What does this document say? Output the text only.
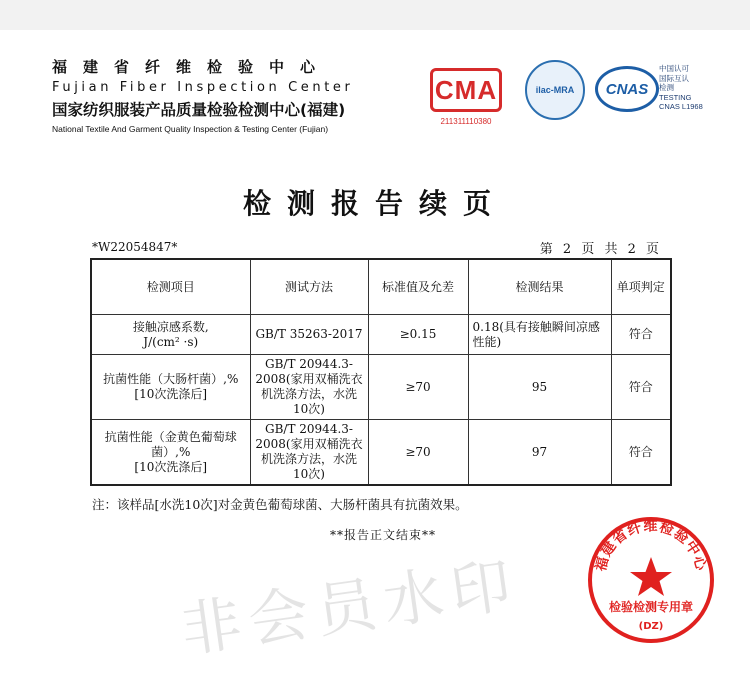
福建省纤维检验中心
Fujian Fiber Inspection Center
国家纺织服装产品质量检验检测中心(福建)
National Textile And Garment Quality Inspection & Testing Center (Fujian)
CMA
211311110380
ilac-MRA	CNAS
中国认可
国际互认
检测
TESTING
CNAS L1968
检测报告续页
*W22054847*	第 2 页 共 2 页
检测项目	测试方法	标准值及允差	检测结果	单项判定
接触凉感系数,
J/(cm² ·s)	GB/T 35263-2017	≥0.15	0.18(具有接触瞬间凉感性能)	符合
抗菌性能（大肠杆菌）,%
[10次洗涤后]	GB/T 20944.3-2008(家用双桶洗衣机洗涤方法，水洗10次)	≥70	95	符合
抗菌性能（金黄色葡萄球菌）,%
[10次洗涤后]	GB/T 20944.3-2008(家用双桶洗衣机洗涤方法，水洗10次)	≥70	97	符合
注：该样品[水洗10次]对金黄色葡萄球菌、大肠杆菌具有抗菌效果。
**报告正文结束**
非会员水印	福建省纤维检验中心
检验检测专用章
(DZ)
